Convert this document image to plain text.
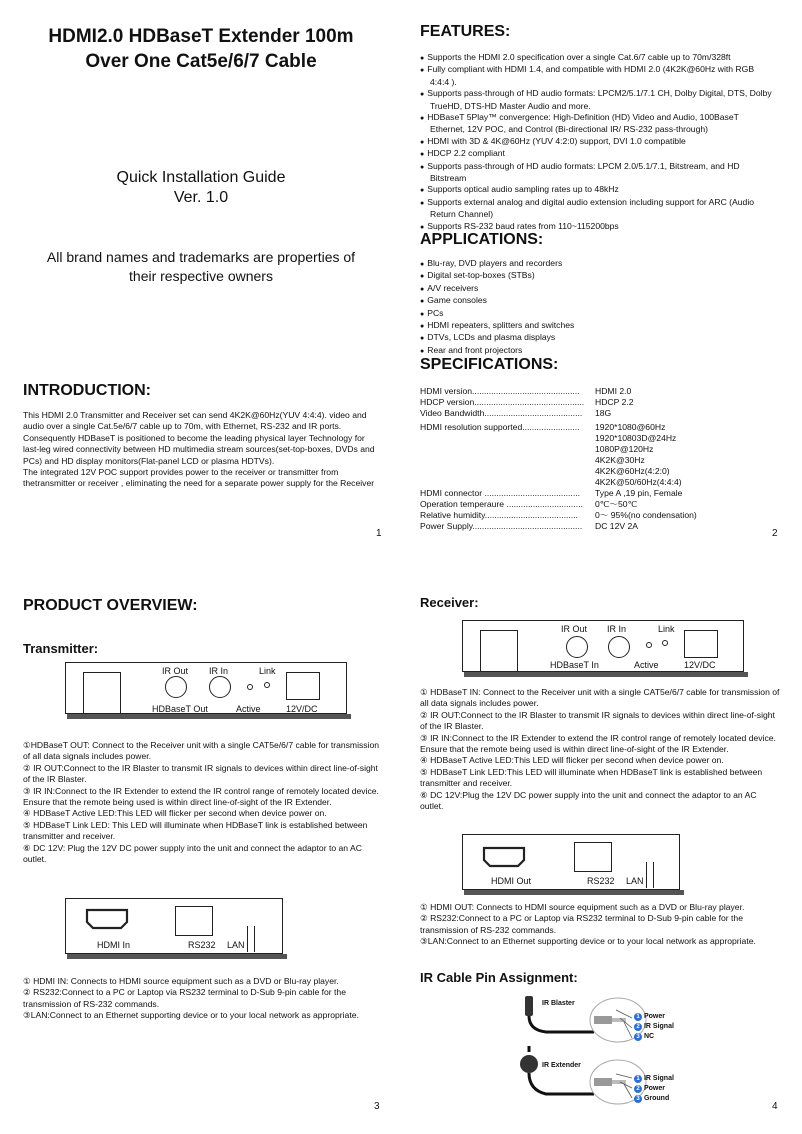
HDMI2.0 HDBaseT Extender 100m
Over One Cat5e/6/7 Cable
Quick Installation Guide
Ver. 1.0
All brand names and trademarks are properties of
their respective owners
INTRODUCTION:
This HDMI 2.0 Transmitter and Receiver set can send 4K2K@60Hz(YUV 4:4:4). video and audio over a single Cat.5e/6/7 cable up to 70m, with Ethernet, RS-232 and IR ports. Consequently HDBaseT is positioned to become the leading physical layer Technology for last-leg wired connectivity between HD multimedia stream sources(set-top-boxes, DVDs and PCs) and HD display monitors(Flat-panel LCD or plasma HDTVs).
The integrated 12V POC support provides power to the receiver or transmitter from thetransmitter or receiver , eliminating the need for a separate power supply for the Receiver
1
FEATURES:
● Supports the HDMI 2.0 specification over a single Cat.6/7 cable up to 70m/328ft
● Fully compliant with HDMI 1.4, and compatible with HDMI 2.0 (4K2K@60Hz with RGB 4:4:4 ).
● Supports pass-through of HD audio formats: LPCM2/5.1/7.1 CH, Dolby Digital, DTS, Dolby TrueHD, DTS-HD Master Audio and more.
● HDBaseT 5Play™ convergence: High-Definition (HD) Video and Audio, 100BaseT Ethernet, 12V POC, and Control (Bi-directional IR/ RS-232 pass-through)
● HDMI with 3D & 4K@60Hz (YUV 4:2:0) support, DVI 1.0 compatible
● HDCP 2.2 compliant
● Supports pass-through of HD audio formats: LPCM 2.0/5.1/7.1, Bitstream, and HD Bitstream
● Supports optical audio sampling rates up to 48kHz
● Supports external analog and digital audio extension including support for ARC (Audio Return Channel)
● Supports RS-232 baud rates from 110~115200bps
APPLICATIONS:
● Blu-ray, DVD players and recorders
● Digital set-top-boxes (STBs)
● A/V receivers
● Game consoles
● PCs
● HDMI repeaters, splitters and switches
● DTVs, LCDs and plasma displays
● Rear and front projectors
SPECIFICATIONS:
HDMI version.............................................	HDMI 2.0
HDCP version..............................................	HDCP 2.2
Video Bandwidth.........................................	18G
HDMI resolution supported........................	1920*1080@60Hz
1920*10803D@24Hz
1080P@120Hz
4K2K@30Hz
4K2K@60Hz(4:2:0)
4K2K@50/60Hz(4:4:4)
HDMI connector ........................................	Type A ,19 pin, Female
Operation temperaure ................................	0℃～50℃
Relative humidity.......................................	0～ 95%(no condensation)
Power Supply..............................................	DC 12V 2A
2
PRODUCT OVERVIEW:
Transmitter:
IR Out IR In	Link
HDBaseT Out	Active	12V/DC
①HDBaseT OUT: Connect to the Receiver unit with a single CAT5e/6/7 cable for transmission of all data signals includes power.
② IR OUT:Connect to the IR Blaster to transmit IR signals to devices within direct line-of-sight of the IR Blaster.
③ IR IN:Connect to the IR Extender to extend the IR control range of remotely located device. Ensure that the remote being used is within direct line-of-sight of the IR Extender.
④ HDBaseT Active LED:This LED will flicker per second when device power on.
⑤ HDBaseT Link LED: This LED will illuminate when HDBaseT link is established between transmitter and receiver.
⑥ DC 12V: Plug the 12V DC power supply into the unit and connect the adaptor to an AC outlet.
HDMI In	RS232 LAN
① HDMI IN: Connects to HDMI source equipment such as a DVD or Blu-ray player.
② RS232:Connect to a PC or Laptop via RS232 terminal to D-Sub 9-pin cable for the transmission of RS-232 commands.
③LAN:Connect to an Ethernet supporting device or to your local network as appropriate.
3
Receiver:
IR Out IR In	Link
HDBaseT In	Active	12V/DC
① HDBaseT IN: Connect to the Receiver unit with a single CAT5e/6/7 cable for transmission of all data signals includes power.
② IR OUT:Connect to the IR Blaster to transmit IR signals to devices within direct line-of-sight of the IR Blaster.
③ IR IN:Connect to the IR Extender to extend the IR control range of remotely located device. Ensure that the remote being used is within direct line-of-sight of the IR Extender.
④ HDBaseT Active LED:This LED will flicker per second when device power on.
⑤ HDBaseT Link LED:This LED will illuminate when HDBaseT link is established between transmitter and receiver.
⑥ DC 12V:Plug the 12V DC power supply into the unit and connect the adaptor to an AC outlet.
HDMI Out	RS232 LAN
① HDMI OUT: Connects to HDMI source equipment such as a DVD or Blu-ray player.
② RS232:Connect to a PC or Laptop via RS232 terminal to D-Sub 9-pin cable for the transmission of RS-232 commands.
③LAN:Connect to an Ethernet supporting device or to your local network as appropriate.
IR Cable Pin Assignment:
IR Blaster
IR Extender
1 Power
2 IR Signal
3 NC
1 IR Signal
2 Power
3 Ground
4
